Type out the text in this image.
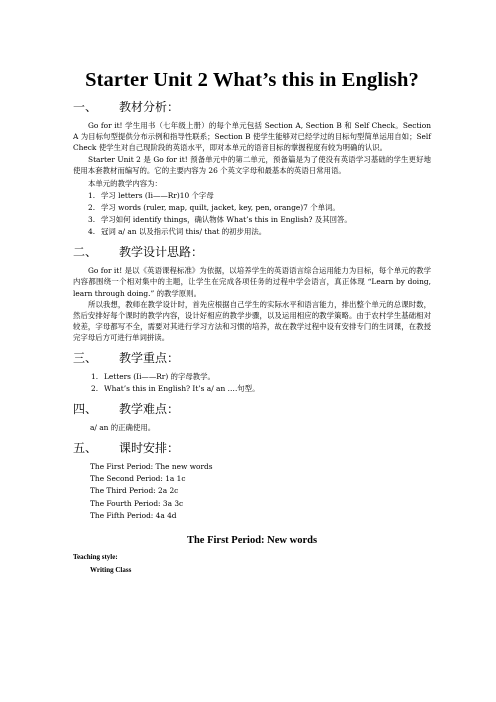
Starter Unit 2 What’s this in English?
一、	教材分析：

Go for it! 学生用书（七年级上册）的每个单元包括 Section A, Section B 和 Self Check。Section A 为目标句型提供分布示例和指导性联系；Section B 使学生能够对已经学过的目标句型简单运用自如；Self Check 使学生对自己现阶段的英语水平，即对本单元的语音目标的掌握程度有较为明确的认识。

Starter Unit 2 是 Go for it! 预备单元中的第二单元，预备篇是为了使没有英语学习基础的学生更好地使用本套教材而编写的。它的主要内容为 26 个英文字母和最基本的英语日常用语。

本单元的教学内容为：

1. 学习 letters (Ii——Rr)10 个字母
2. 学习 words (ruler, map, quilt, jacket, key, pen, orange)7 个单词。
3. 学习如何 identify things，确认物体 What’s this in English? 及其回答。
4. 冠词 a/ an 以及指示代词 this/ that 的初步用法。
二、	教学设计思路：

Go for it! 是以《英语课程标准》为依据，以培养学生的英语语言综合运用能力为目标，每个单元的教学内容都围绕一个相对集中的主题，让学生在完成各项任务的过程中学会语言，真正体现 “Learn by doing, learn through doing.” 的教学原则。

所以我想，教师在教学设计时，首先应根据自己学生的实际水平和语言能力，排出整个单元的总课时数，然后安排好每个课时的教学内容，设计好相应的教学步骤，以及运用相应的教学策略。由于农村学生基础相对较差，字母都写不全，需要对其进行学习方法和习惯的培养，故在教学过程中设有安排专门的生词课，在教授完字母后方可进行单词拼读。

三、	教学重点：
1. Letters (Ii——Rr) 的字母教学。
2. What’s this in English? It’s a/ an ….句型。
四、	教学难点：

a/ an 的正确使用。

五、	课时安排：
The First Period: The new words
The Second Period: 1a 1c
The Third Period: 2a 2c
The Fourth Period: 3a 3c
The Fifth Period: 4a 4d
The First Period: New words

Teaching style:

Writing Class
